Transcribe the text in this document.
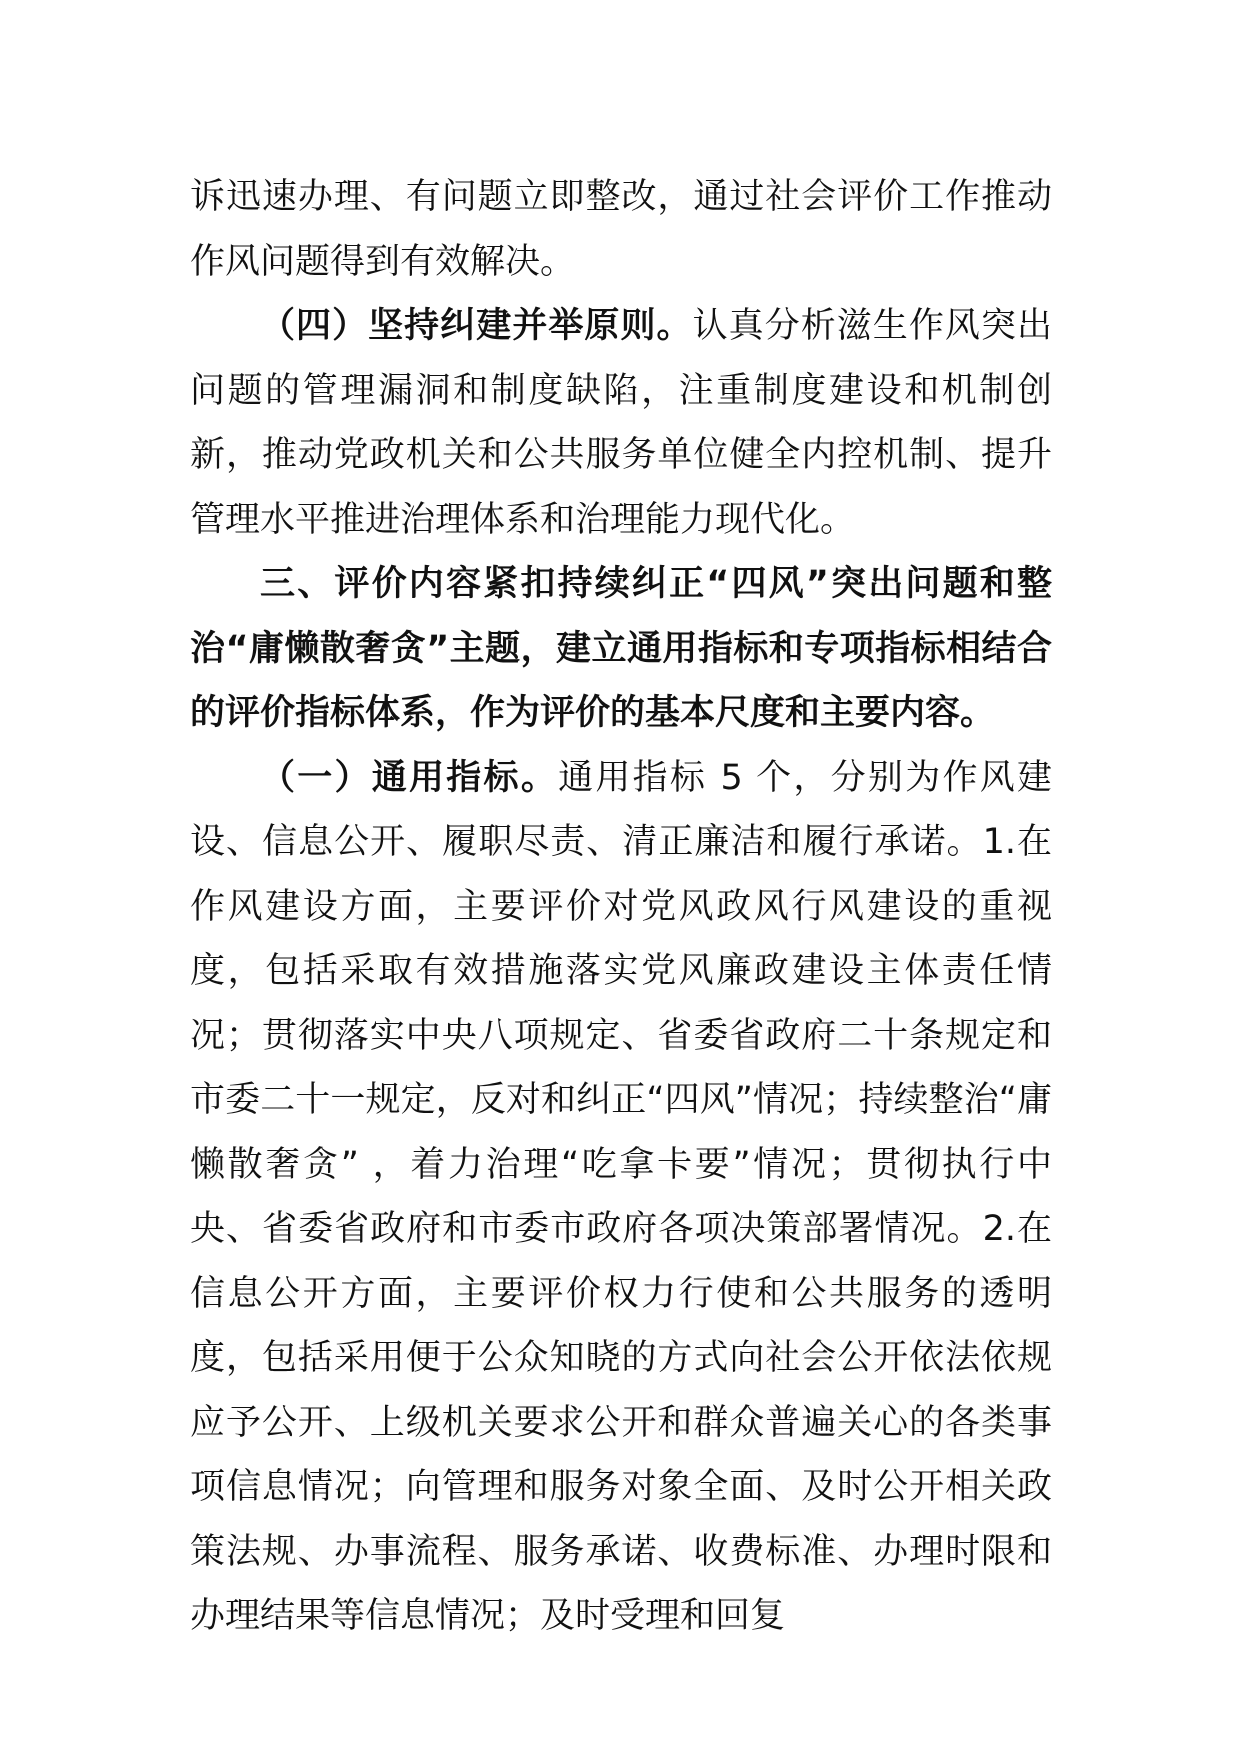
诉迅速办理、有问题立即整改，通过社会评价工作推动作风问题得到有效解决。

（四）坚持纠建并举原则。认真分析滋生作风突出问题的管理漏洞和制度缺陷，注重制度建设和机制创新，推动党政机关和公共服务单位健全内控机制、提升管理水平推进治理体系和治理能力现代化。

三、评价内容紧扣持续纠正“四风”突出问题和整治“庸懒散奢贪”主题，建立通用指标和专项指标相结合的评价指标体系，作为评价的基本尺度和主要内容。

（一）通用指标。通用指标 5 个，分别为作风建设、信息公开、履职尽责、清正廉洁和履行承诺。1.在作风建设方面，主要评价对党风政风行风建设的重视度，包括采取有效措施落实党风廉政建设主体责任情况；贯彻落实中央八项规定、省委省政府二十条规定和市委二十一规定，反对和纠正“四风”情况；持续整治“庸懒散奢贪” ，着力治理“吃拿卡要”情况；贯彻执行中央、省委省政府和市委市政府各项决策部署情况。2.在信息公开方面，主要评价权力行使和公共服务的透明度，包括采用便于公众知晓的方式向社会公开依法依规应予公开、上级机关要求公开和群众普遍关心的各类事项信息情况；向管理和服务对象全面、及时公开相关政策法规、办事流程、服务承诺、收费标准、办理时限和办理结果等信息情况；及时受理和回复
